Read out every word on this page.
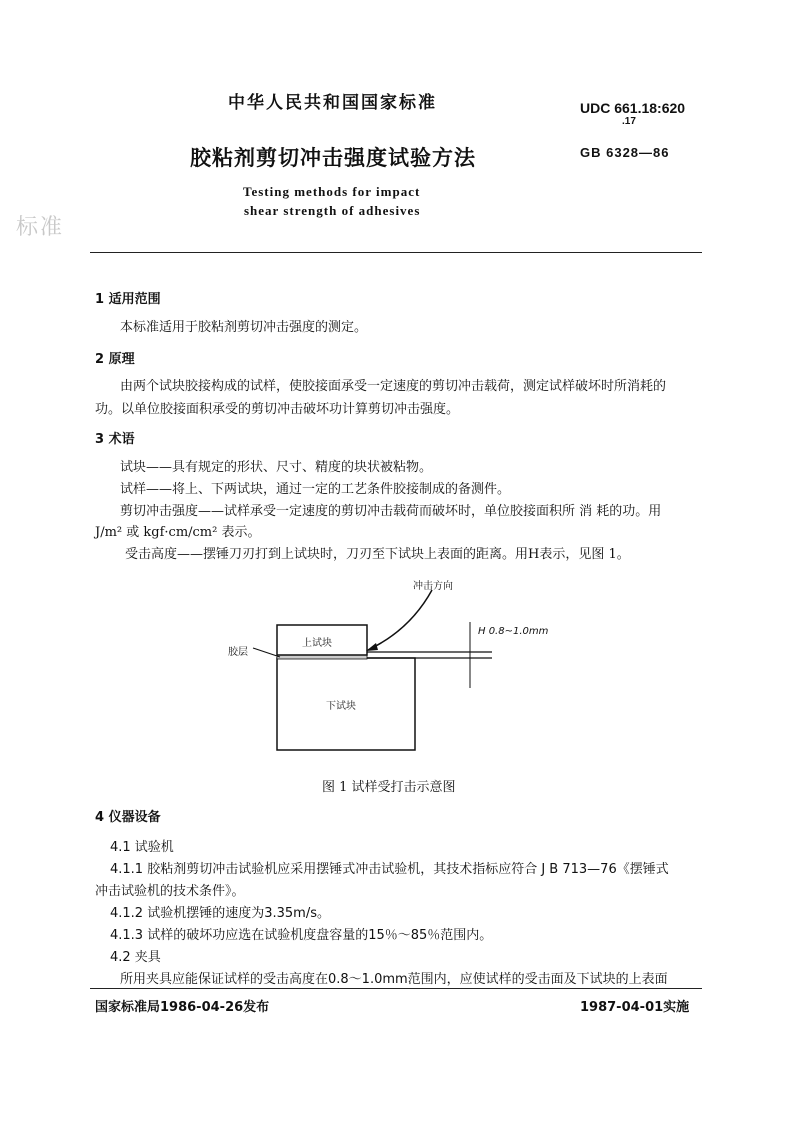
中华人民共和国国家标准
胶粘剂剪切冲击强度试验方法
Testing methods for impact
shear strength of adhesives
UDC 661.18:620
.17
GB 6328—86
标准
1 适用范围
本标准适用于胶粘剂剪切冲击强度的测定。
2 原理
由两个试块胶接构成的试样，使胶接面承受一定速度的剪切冲击载荷，测定试样破坏时所消耗的
功。以单位胶接面积承受的剪切冲击破坏功计算剪切冲击强度。
3 术语
试块——具有规定的形状、尺寸、精度的块状被粘物。
试样——将上、下两试块，通过一定的工艺条件胶接制成的备测件。
剪切冲击强度——试样承受一定速度的剪切冲击载荷而破坏时，单位胶接面积所 消 耗的功。用
J/m² 或 kgf·cm/cm² 表示。
受击高度——摆锤刀刃打到上试块时，刀刃至下试块上表面的距离。用H表示，见图 1。
冲击方向
上试块
下试块
胶层
H 0.8~1.0mm
图 1 试样受打击示意图
4 仪器设备
4.1 试验机
4.1.1 胶粘剂剪切冲击试验机应采用摆锤式冲击试验机，其技术指标应符合 J B 713—76《摆锤式
冲击试验机的技术条件》。
4.1.2 试验机摆锤的速度为3.35m/s。
4.1.3 试样的破坏功应选在试验机度盘容量的15％～85％范围内。
4.2 夹具
所用夹具应能保证试样的受击高度在0.8～1.0mm范围内，应使试样的受击面及下试块的上表面
国家标准局1986-04-26发布	1987-04-01实施
